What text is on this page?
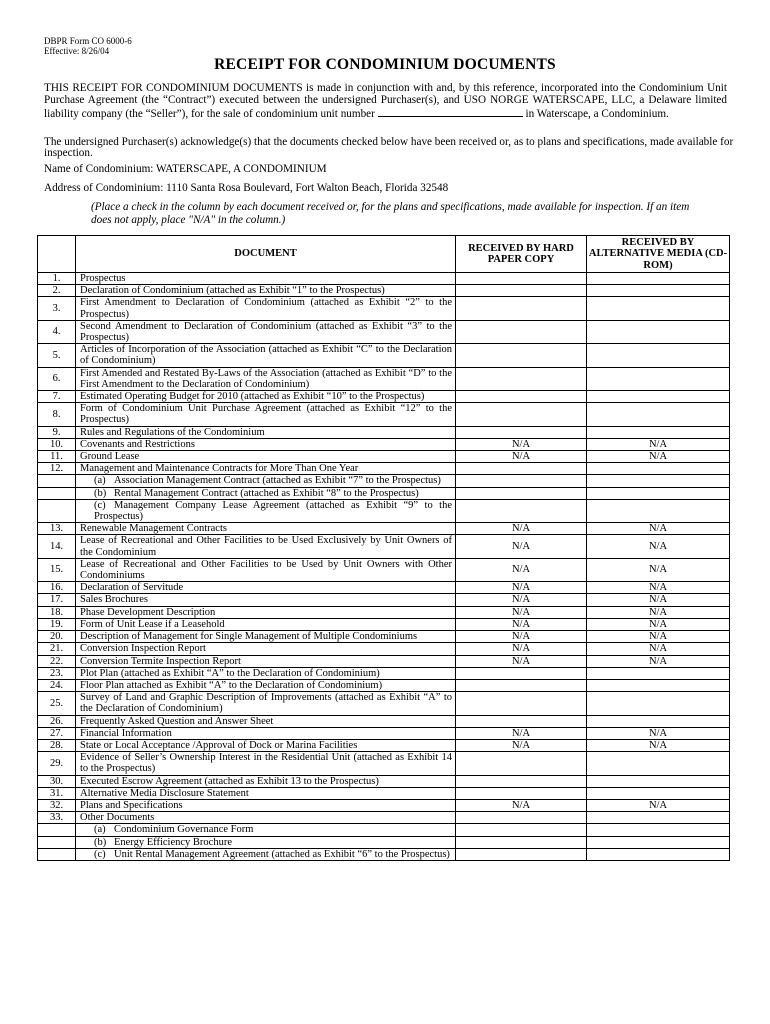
DBPR Form CO 6000-6
Effective: 8/26/04
RECEIPT FOR CONDOMINIUM DOCUMENTS
THIS RECEIPT FOR CONDOMINIUM DOCUMENTS is made in conjunction with and, by this reference, incorporated into the Condominium Unit Purchase Agreement (the “Contract”) executed between the undersigned Purchaser(s), and USO NORGE WATERSCAPE, LLC, a Delaware limited liability company (the “Seller”), for the sale of condominium unit number	in Waterscape, a Condominium.
The undersigned Purchaser(s) acknowledge(s) that the documents checked below have been received or, as to plans and specifications, made available for inspection.
Name of Condominium: WATERSCAPE, A CONDOMINIUM
Address of Condominium: 1110 Santa Rosa Boulevard, Fort Walton Beach, Florida 32548
(Place a check in the column by each document received or, for the plans and specifications, made available for inspection. If an item does not apply, place "N/A" in the column.)
	DOCUMENT	RECEIVED BY HARD PAPER COPY	RECEIVED BY ALTERNATIVE MEDIA (CD-ROM)
1.	Prospectus		
2.	Declaration of Condominium (attached as Exhibit “1” to the Prospectus)		
3.	First Amendment to Declaration of Condominium (attached as Exhibit “2” to the Prospectus)		
4.	Second Amendment to Declaration of Condominium (attached as Exhibit “3” to the Prospectus)		
5.	Articles of Incorporation of the Association (attached as Exhibit “C” to the Declaration of Condominium)		
6.	First Amended and Restated By-Laws of the Association (attached as Exhibit “D” to the First Amendment to the Declaration of Condominium)		
7.	Estimated Operating Budget for 2010 (attached as Exhibit “10” to the Prospectus)		
8.	Form of Condominium Unit Purchase Agreement (attached as Exhibit “12” to the Prospectus)		
9.	Rules and Regulations of the Condominium		
10.	Covenants and Restrictions	N/A	N/A
11.	Ground Lease	N/A	N/A
12.	Management and Maintenance Contracts for More Than One Year		
	(a) Association Management Contract (attached as Exhibit “7” to the Prospectus)		
	(b) Rental Management Contract (attached as Exhibit “8” to the Prospectus)		
	(c) Management Company Lease Agreement (attached as Exhibit “9” to the Prospectus)		
13.	Renewable Management Contracts	N/A	N/A
14.	Lease of Recreational and Other Facilities to be Used Exclusively by Unit Owners of the Condominium	N/A	N/A
15.	Lease of Recreational and Other Facilities to be Used by Unit Owners with Other Condominiums	N/A	N/A
16.	Declaration of Servitude	N/A	N/A
17.	Sales Brochures	N/A	N/A
18.	Phase Development Description	N/A	N/A
19.	Form of Unit Lease if a Leasehold	N/A	N/A
20.	Description of Management for Single Management of Multiple Condominiums	N/A	N/A
21.	Conversion Inspection Report	N/A	N/A
22.	Conversion Termite Inspection Report	N/A	N/A
23.	Plot Plan (attached as Exhibit “A” to the Declaration of Condominium)		
24.	Floor Plan attached as Exhibit “A” to the Declaration of Condominium)		
25.	Survey of Land and Graphic Description of Improvements (attached as Exhibit “A” to the Declaration of Condominium)		
26.	Frequently Asked Question and Answer Sheet		
27.	Financial Information	N/A	N/A
28.	State or Local Acceptance /Approval of Dock or Marina Facilities	N/A	N/A
29.	Evidence of Seller’s Ownership Interest in the Residential Unit (attached as Exhibit 14 to the Prospectus)		
30.	Executed Escrow Agreement (attached as Exhibit 13 to the Prospectus)		
31.	Alternative Media Disclosure Statement		
32.	Plans and Specifications	N/A	N/A
33.	Other Documents		
	(a) Condominium Governance Form		
	(b) Energy Efficiency Brochure		
	(c) Unit Rental Management Agreement (attached as Exhibit “6” to the Prospectus)		
